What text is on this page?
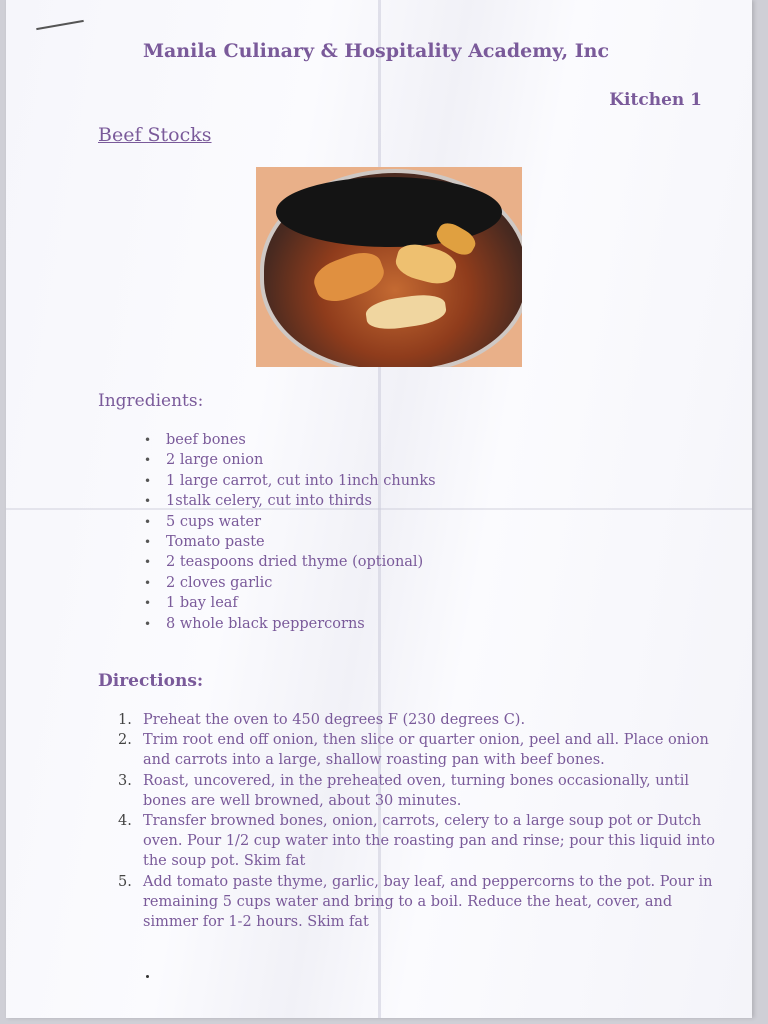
Manila Culinary & Hospitality Academy, Inc
Kitchen 1
Beef Stocks
Ingredients:
• beef bones
• 2 large onion
• 1 large carrot, cut into 1inch chunks
• 1stalk celery, cut into thirds
• 5 cups water
• Tomato paste
• 2 teaspoons dried thyme (optional)
• 2 cloves garlic
• 1 bay leaf
• 8 whole black peppercorns
Directions:
1. Preheat the oven to 450 degrees F (230 degrees C).
2. Trim root end off onion, then slice or quarter onion, peel and all. Place onion and carrots into a large, shallow roasting pan with beef bones.
3. Roast, uncovered, in the preheated oven, turning bones occasionally, until bones are well browned, about 30 minutes.
4. Transfer browned bones, onion, carrots, celery to a large soup pot or Dutch oven. Pour 1/2 cup water into the roasting pan and rinse; pour this liquid into the soup pot. Skim fat
5. Add tomato paste thyme, garlic, bay leaf, and peppercorns to the pot. Pour in remaining 5 cups water and bring to a boil. Reduce the heat, cover, and simmer for 1-2 hours. Skim fat
